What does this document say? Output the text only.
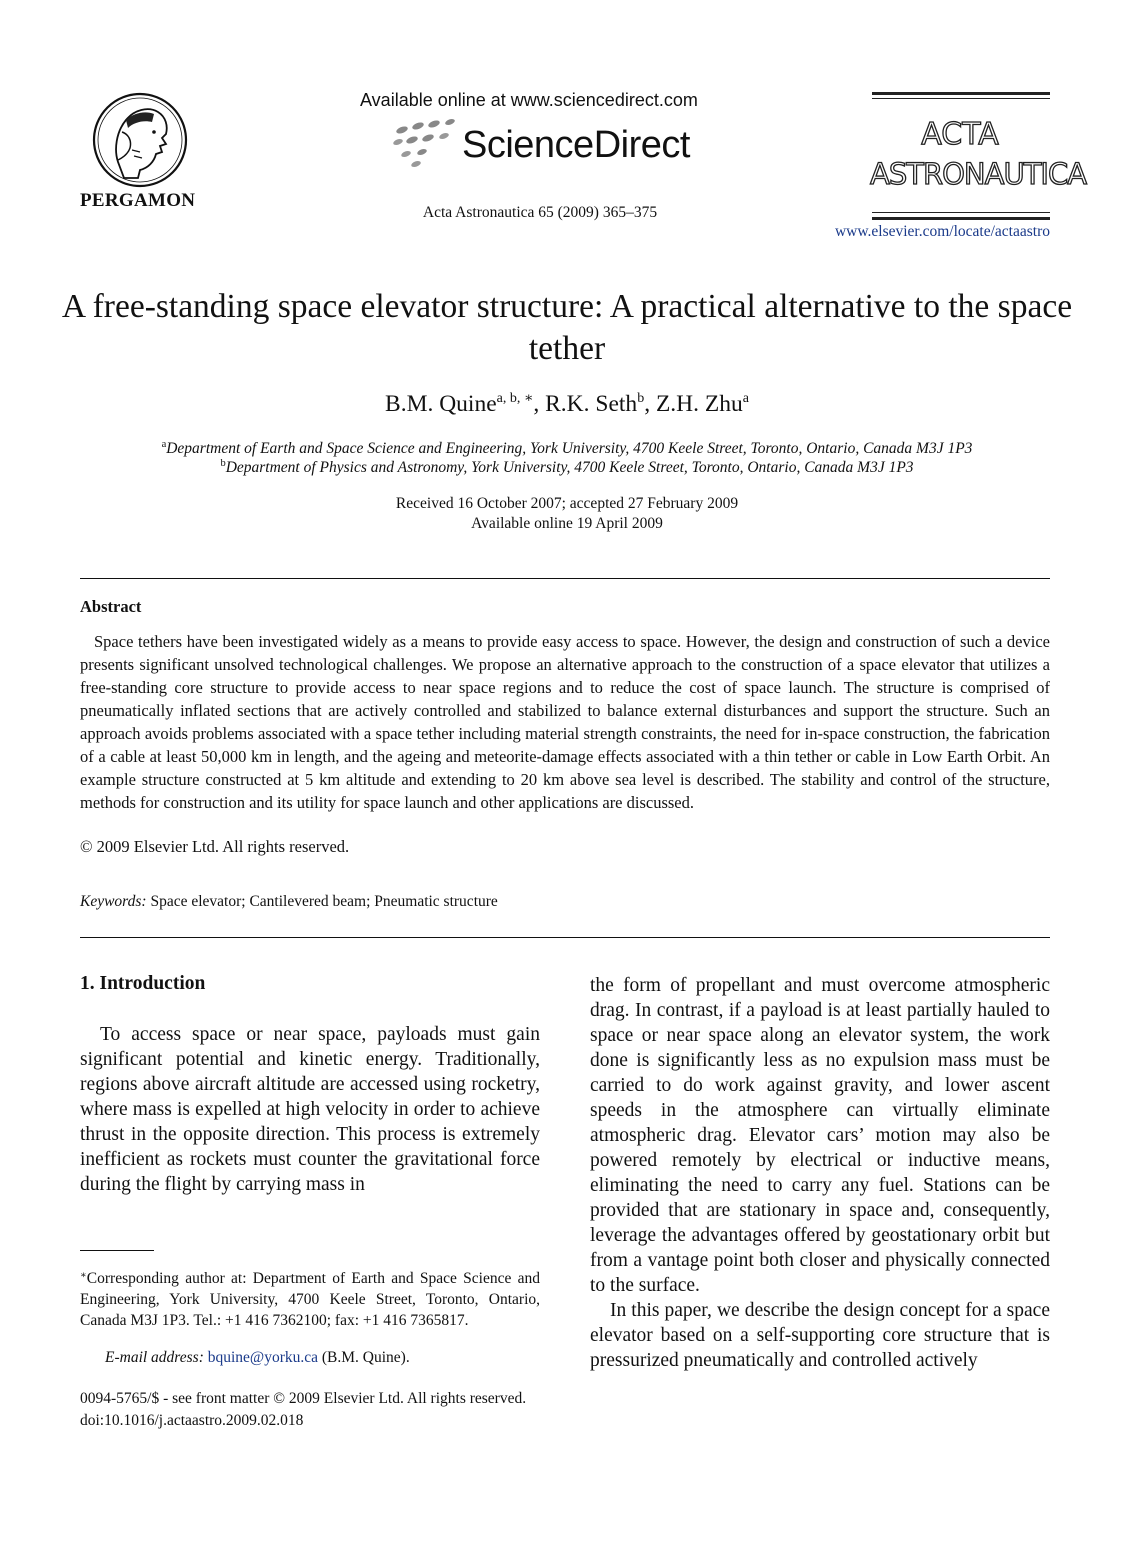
PERGAMON
Available online at www.sciencedirect.com
ScienceDirect
Acta Astronautica 65 (2009) 365–375
ACTA
ASTRONAUTICA
www.elsevier.com/locate/actaastro
A free-standing space elevator structure: A practical alternative to the space tether
B.M. Quine$^{a, b, ∗}$, R.K. Seth$^b$, Z.H. Zhu$^a$
$^a$Department of Earth and Space Science and Engineering, York University, 4700 Keele Street, Toronto, Ontario, Canada M3J 1P3
$^b$Department of Physics and Astronomy, York University, 4700 Keele Street, Toronto, Ontario, Canada M3J 1P3
Received 16 October 2007; accepted 27 February 2009
Available online 19 April 2009
Abstract
Space tethers have been investigated widely as a means to provide easy access to space. However, the design and construction of such a device presents significant unsolved technological challenges. We propose an alternative approach to the construction of a space elevator that utilizes a free-standing core structure to provide access to near space regions and to reduce the cost of space launch. The structure is comprised of pneumatically inflated sections that are actively controlled and stabilized to balance external disturbances and support the structure. Such an approach avoids problems associated with a space tether including material strength constraints, the need for in-space construction, the fabrication of a cable at least 50,000 km in length, and the ageing and meteorite-damage effects associated with a thin tether or cable in Low Earth Orbit. An example structure constructed at 5 km altitude and extending to 20 km above sea level is described. The stability and control of the structure, methods for construction and its utility for space launch and other applications are discussed.
© 2009 Elsevier Ltd. All rights reserved.
Keywords: Space elevator; Cantilevered beam; Pneumatic structure
1. Introduction
To access space or near space, payloads must gain significant potential and kinetic energy. Traditionally, regions above aircraft altitude are accessed using rocketry, where mass is expelled at high velocity in order to achieve thrust in the opposite direction. This process is extremely inefficient as rockets must counter the gravitational force during the flight by carrying mass in
the form of propellant and must overcome atmospheric drag. In contrast, if a payload is at least partially hauled to space or near space along an elevator system, the work done is significantly less as no expulsion mass must be carried to do work against gravity, and lower ascent speeds in the atmosphere can virtually eliminate atmospheric drag. Elevator cars’ motion may also be powered remotely by electrical or inductive means, eliminating the need to carry any fuel. Stations can be provided that are stationary in space and, consequently, leverage the advantages offered by geostationary orbit but from a vantage point both closer and physically connected to the surface.
In this paper, we describe the design concept for a space elevator based on a self-supporting core structure that is pressurized pneumatically and controlled actively
∗Corresponding author at: Department of Earth and Space Science and Engineering, York University, 4700 Keele Street, Toronto, Ontario, Canada M3J 1P3. Tel.: +1 416 7362100; fax: +1 416 7365817.
E-mail address: bquine@yorku.ca (B.M. Quine).
0094-5765/$ - see front matter © 2009 Elsevier Ltd. All rights reserved.
doi:10.1016/j.actaastro.2009.02.018
